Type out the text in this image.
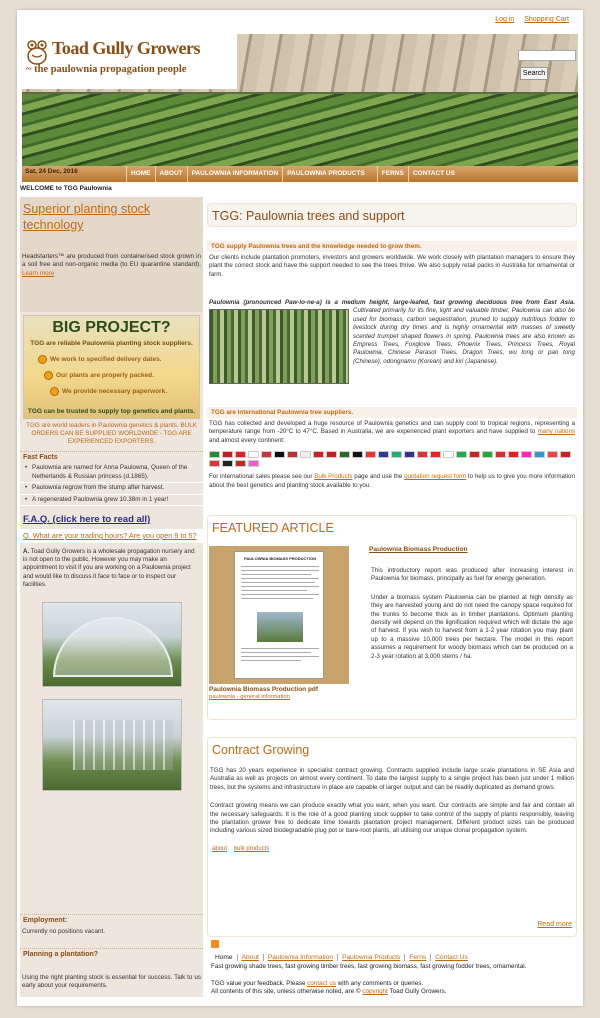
Log in Shopping Cart
Toad Gully Growers
~ the paulownia propagation people	Search
Sat, 24 Dec, 2016	HOME	ABOUT	PAULOWNIA INFORMATION	PAULOWNIA PRODUCTS	FERNS	CONTACT US
WELCOME to TGG Paulownia
Superior planting stock technology
Headstarters™ are produced from containerised stock grown in a soil free and non-organic media (to EU quarantine standard). Learn more
BIG PROJECT?
TGG are reliable Paulownia planting stock suppliers.
We work to specified delivery dates.
Our plants are properly packed.
We provide necessary paperwork.
TGG can be trusted to supply top genetics and plants.
TGG are world leaders in Paulownia genetics & plants. BULK ORDERS CAN BE SUPPLIED WORLDWIDE - TGG ARE EXPERIENCED EXPORTERS.
Fast Facts
• Paulownia are named for Anna Paulowna, Queen of the Netherlands & Russian princess (d.1865).
• Paulownia regrow from the stump after harvest.
• A regenerated Paulownia grew 10.38m in 1 year!
F.A.Q. (click here to read all)
Q. What are your trading hours? Are you open 9 to 5?
A. Toad Gully Growers is a wholesale propagation nursery and is not open to the public. However you may make an appointment to visit if you are working on a Paulownia project and would like to discuss it face to face or to inspect our facilities.
Employment:
Currently no positions vacant.
Planning a plantation?
Using the right planting stock is essential for success. Talk to us early about your requirements.
TGG: Paulownia trees and support
TGG supply Paulownia trees and the knowledge needed to grow them.
Our clients include plantation promoters, investors and growers worldwide. We work closely with plantation managers to ensure they plant the correct stock and have the support needed to see the trees thrive. We also supply retail packs in Australia for ornamental or farm.
Paulownia (pronounced Paw-lo-ne-a) is a medium height, large-leafed, fast growing deciduous tree from East Asia.
Cultivated primarily for its fine, light and valuable timber, Paulownia can also be used for biomass, carbon sequestration, pruned to supply nutritious fodder to livestock during dry times and is highly ornamental with masses of sweetly scented trumpet shaped flowers in spring. Paulownia trees are also known as Empress Trees, Foxglove Trees, Phoenix Trees, Princess Trees, Royal Paulownia, Chinese Parasol Trees, Dragon Trees, wu tong or pao tong (Chinese), odongnamu (Korean) and kiri (Japanese).
TGG are international Paulownia tree suppliers.
TGG has collected and developed a huge resource of Paulownia genetics and can supply cool to tropical regions, representing a temperature range from -20°C to 47°C. Based in Australia, we are experienced plant exporters and have supplied to many nations and almost every continent:
For international sales please see our Bulk Products page and use the quotation request form to help us to give you more information about the best genetics and planting stock available to you.
FEATURED ARTICLE
PAULOWNIA BIOMASS PRODUCTION
Paulownia Biomass Production pdf
paulownia - general information
Paulownia Biomass Production
This introductory report was produced after increasing interest in Paulownia for biomass, principally as fuel for energy generation.
Under a biomass system Paulownia can be planted at high density as they are harvested young and do not need the canopy space required for the trunks to become thick as in timber plantations. Optimum planting density will depend on the lignification required which will dictate the age of harvest. If you wish to harvest from a 1-2 year rotation you may plant up to a massive 10,000 trees per hectare. The model in this report assumes a requirement for woody biomass which can be produced on a 2-3 year rotation at 3,000 stems / ha.
Contract Growing
TGG has 20 years experience in specialist contract growing. Contracts supplied include large scale plantations in SE Asia and Australia as well as projects on almost every continent. To date the largest supply to a single project has been just under 1 million trees, but the systems and infrastructure in place are capable of larger output and can be readily duplicated as demand grows.
Contract growing means we can produce exactly what you want, when you want. Our contracts are simple and fair and contain all the necessary safeguards. It is the role of a good planting stock supplier to take control of the supply of plants responsibly, leaving the plantation grower free to dedicate time towards plantation project management. Different product sizes can be produced including various sized biodegradable plug pot or bare-root plants, all utilising our unique clonal propagation system.
about bulk products
Read more
Home	About	Paulownia Information	Paulownia Products	Ferns	Contact Us
Fast growing shade trees, fast growing timber trees, fast growing biomass, fast growing fodder trees, ornamental.
TGG value your feedback. Please contact us with any comments or queries.
All contents of this site, unless otherwise noted, are © copyright Toad Gully Growers.
